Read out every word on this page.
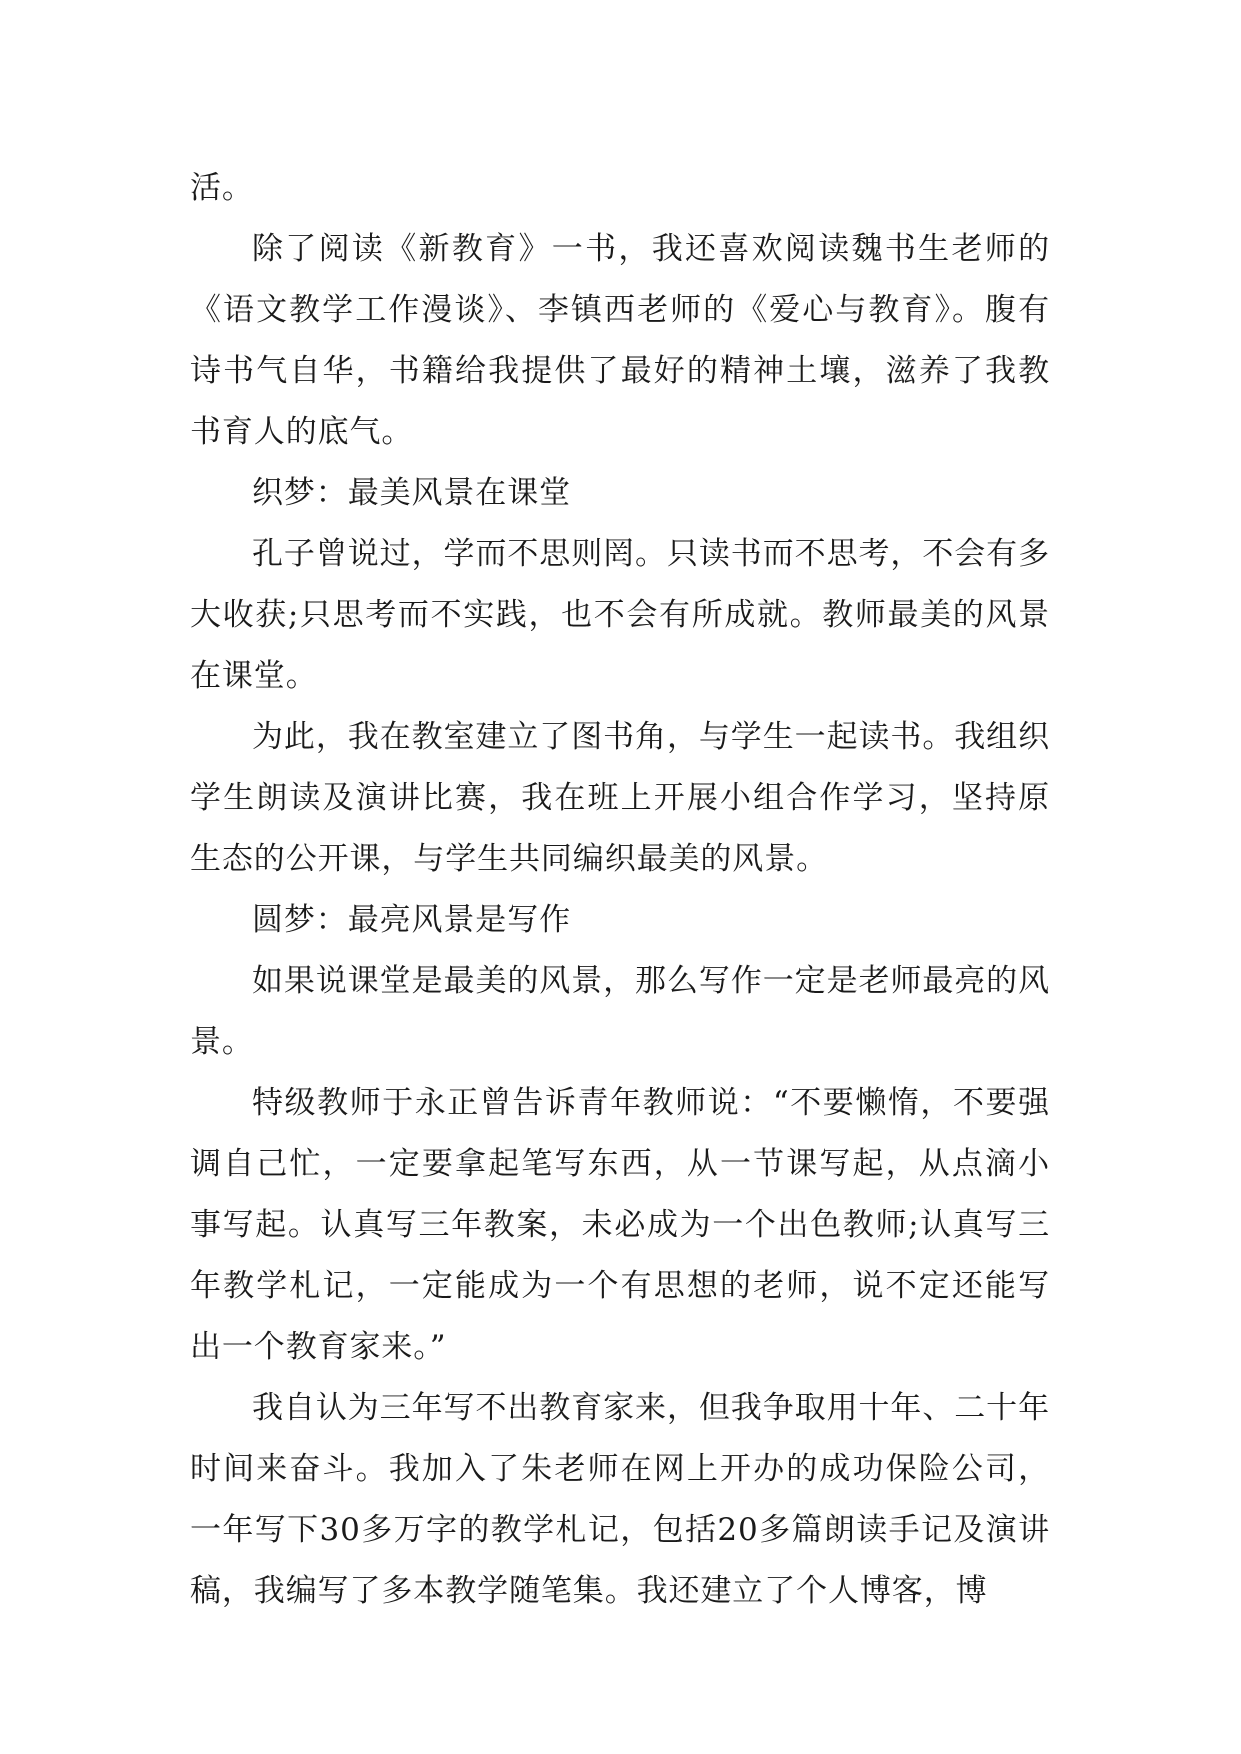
活。

除了阅读《新教育》一书，我还喜欢阅读魏书生老师的《语文教学工作漫谈》、李镇西老师的《爱心与教育》。腹有诗书气自华，书籍给我提供了最好的精神土壤，滋养了我教书育人的底气。

织梦：最美风景在课堂

孔子曾说过，学而不思则罔。只读书而不思考，不会有多大收获;只思考而不实践，也不会有所成就。教师最美的风景在课堂。

为此，我在教室建立了图书角，与学生一起读书。我组织学生朗读及演讲比赛，我在班上开展小组合作学习，坚持原生态的公开课，与学生共同编织最美的风景。

圆梦：最亮风景是写作

如果说课堂是最美的风景，那么写作一定是老师最亮的风景。

特级教师于永正曾告诉青年教师说：“不要懒惰，不要强调自己忙，一定要拿起笔写东西，从一节课写起，从点滴小事写起。认真写三年教案，未必成为一个出色教师;认真写三年教学札记，一定能成为一个有思想的老师，说不定还能写出一个教育家来。”

我自认为三年写不出教育家来，但我争取用十年、二十年时间来奋斗。我加入了朱老师在网上开办的成功保险公司，一年写下30多万字的教学札记，包括20多篇朗读手记及演讲稿，我编写了多本教学随笔集。我还建立了个人博客，博
